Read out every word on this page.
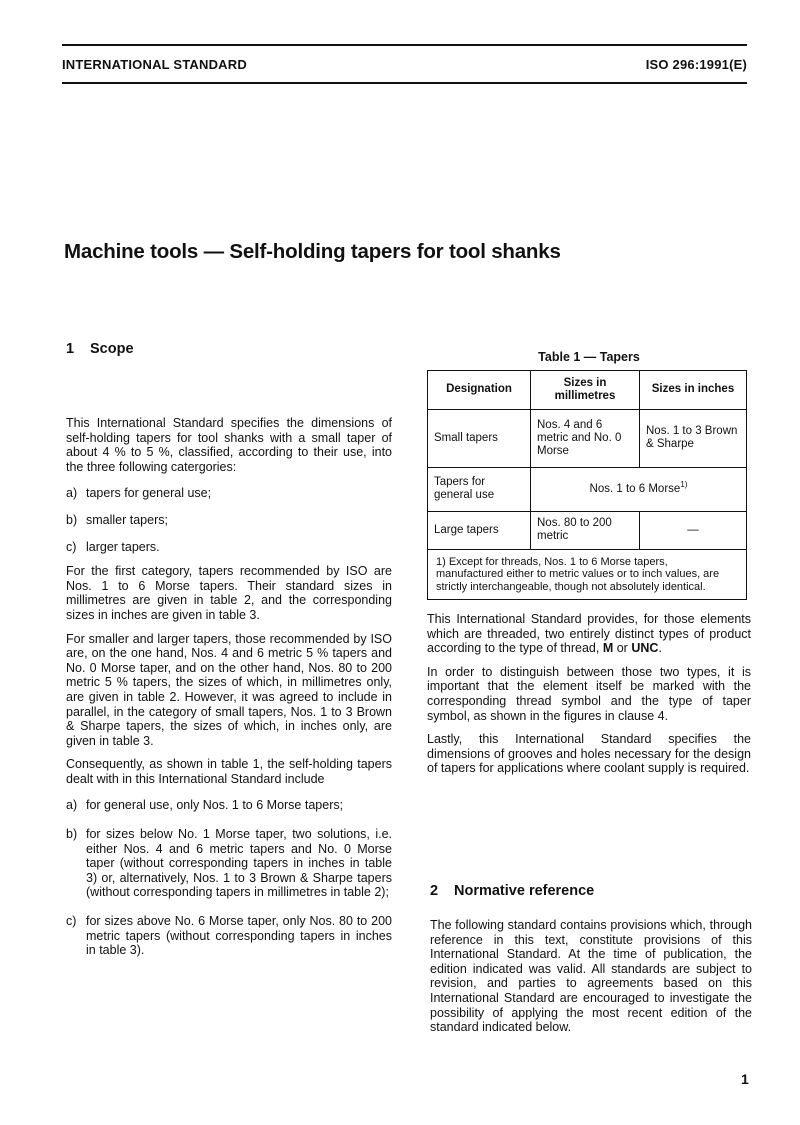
INTERNATIONAL STANDARD	ISO 296:1991(E)
Machine tools — Self-holding tapers for tool shanks
1 Scope

This International Standard specifies the dimensions of self-holding tapers for tool shanks with a small taper of about 4 % to 5 %, classified, according to their use, into the three following catergories:

a) tapers for general use;
b) smaller tapers;
c) larger tapers.

For the first category, tapers recommended by ISO are Nos. 1 to 6 Morse tapers. Their standard sizes in millimetres are given in table 2, and the corresponding sizes in inches are given in table 3.

For smaller and larger tapers, those recommended by ISO are, on the one hand, Nos. 4 and 6 metric 5 % tapers and No. 0 Morse taper, and on the other hand, Nos. 80 to 200 metric 5 % tapers, the sizes of which, in millimetres only, are given in table 2. However, it was agreed to include in parallel, in the category of small tapers, Nos. 1 to 3 Brown & Sharpe tapers, the sizes of which, in inches only, are given in table 3.

Consequently, as shown in table 1, the self-holding tapers dealt with in this International Standard include

a) for general use, only Nos. 1 to 6 Morse tapers;
b) for sizes below No. 1 Morse taper, two solutions, i.e. either Nos. 4 and 6 metric tapers and No. 0 Morse taper (without corresponding tapers in inches in table 3) or, alternatively, Nos. 1 to 3 Brown & Sharpe tapers (without corresponding tapers in millimetres in table 2);
c) for sizes above No. 6 Morse taper, only Nos. 80 to 200 metric tapers (without corresponding tapers in inches in table 3).
Table 1 — Tapers
Designation	Sizes in millimetres	Sizes in inches
Small tapers	Nos. 4 and 6 metric and No. 0 Morse	Nos. 1 to 3 Brown & Sharpe
Tapers for general use	Nos. 1 to 6 Morse$^{1)}$
Large tapers	Nos. 80 to 200 metric	—
1) Except for threads, Nos. 1 to 6 Morse tapers, manufactured either to metric values or to inch values, are strictly interchangeable, though not absolutely identical.		

This International Standard provides, for those elements which are threaded, two entirely distinct types of product according to the type of thread, M or UNC.

In order to distinguish between those two types, it is important that the element itself be marked with the corresponding thread symbol and the type of taper symbol, as shown in the figures in clause 4.

Lastly, this International Standard specifies the dimensions of grooves and holes necessary for the design of tapers for applications where coolant supply is required.

2 Normative reference

The following standard contains provisions which, through reference in this text, constitute provisions of this International Standard. At the time of publication, the edition indicated was valid. All standards are subject to revision, and parties to agreements based on this International Standard are encouraged to investigate the possibility of applying the most recent edition of the standard indicated below.

1
